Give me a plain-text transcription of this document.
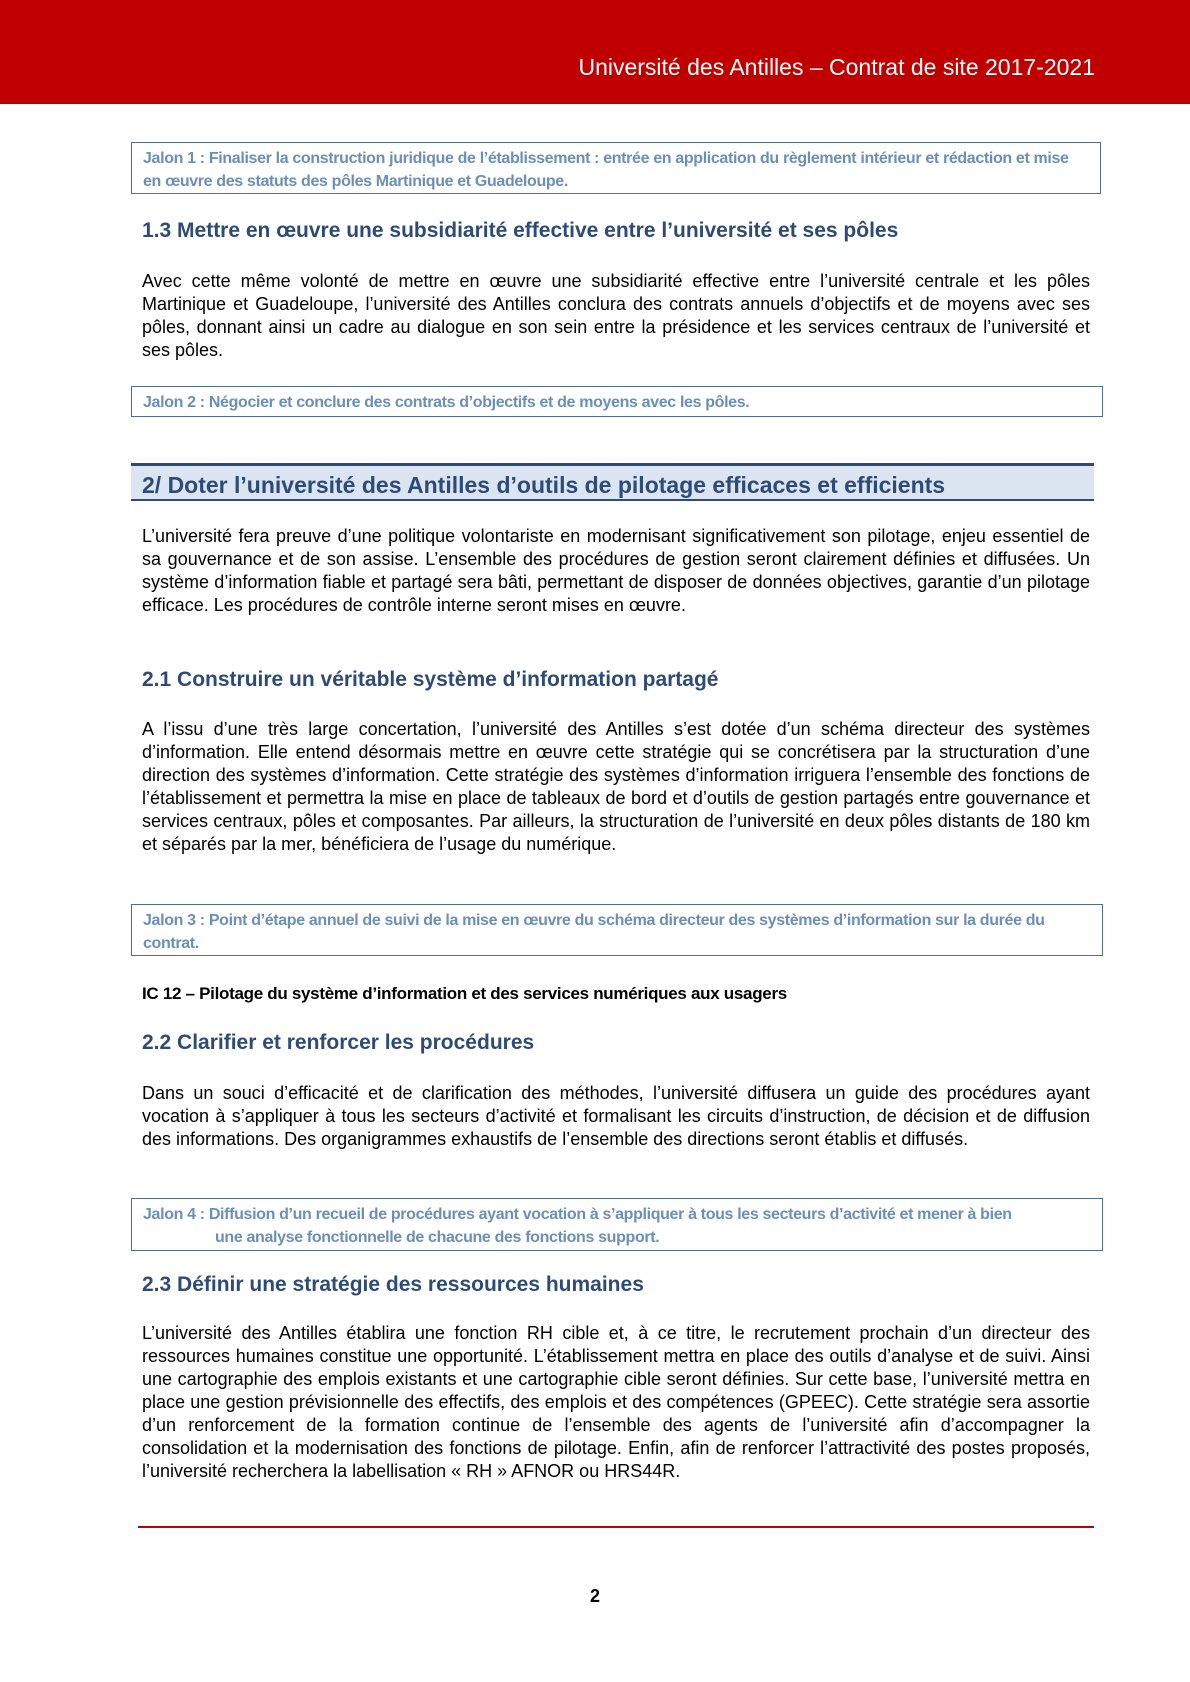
Université des Antilles – Contrat de site 2017-2021
Jalon 1 : Finaliser la construction juridique de l’établissement : entrée en application du règlement intérieur et rédaction et mise en œuvre des statuts des pôles Martinique et Guadeloupe.
1.3 Mettre en œuvre une subsidiarité effective entre l’université et ses pôles
Avec cette même volonté de mettre en œuvre une subsidiarité effective entre l’université centrale et les pôles Martinique et Guadeloupe, l’université des Antilles conclura des contrats annuels d’objectifs et de moyens avec ses pôles, donnant ainsi un cadre au dialogue en son sein entre la présidence et les services centraux de l’université et ses pôles.
Jalon 2 : Négocier et conclure des contrats d’objectifs et de moyens avec les pôles.
2/ Doter l’université des Antilles d’outils de pilotage efficaces et efficients
L’université fera preuve d’une politique volontariste en modernisant significativement son pilotage, enjeu essentiel de sa gouvernance et de son assise. L’ensemble des procédures de gestion seront clairement définies et diffusées. Un système d’information fiable et partagé sera bâti, permettant de disposer de données objectives, garantie d’un pilotage efficace. Les procédures de contrôle interne seront mises en œuvre.
2.1 Construire un véritable système d’information partagé
A l’issu d’une très large concertation, l’université des Antilles s’est dotée d’un schéma directeur des systèmes d’information. Elle entend désormais mettre en œuvre cette stratégie qui se concrétisera par la structuration d’une direction des systèmes d’information. Cette stratégie des systèmes d’information irriguera l’ensemble des fonctions de l’établissement et permettra la mise en place de tableaux de bord et d’outils de gestion partagés entre gouvernance et services centraux, pôles et composantes. Par ailleurs, la structuration de l’université en deux pôles distants de 180 km et séparés par la mer, bénéficiera de l’usage du numérique.
Jalon 3 : Point d’étape annuel de suivi de la mise en œuvre du schéma directeur des systèmes d’information sur la durée du contrat.
IC 12 – Pilotage du système d’information et des services numériques aux usagers
2.2 Clarifier et renforcer les procédures
Dans un souci d’efficacité et de clarification des méthodes, l’université diffusera un guide des procédures ayant vocation à s’appliquer à tous les secteurs d’activité et formalisant les circuits d’instruction, de décision et de diffusion des informations. Des organigrammes exhaustifs de l’ensemble des directions seront établis et diffusés.
Jalon 4 : Diffusion d’un recueil de procédures ayant vocation à s’appliquer à tous les secteurs d’activité et mener à bien
une analyse fonctionnelle de chacune des fonctions support.
2.3 Définir une stratégie des ressources humaines
L’université des Antilles établira une fonction RH cible et, à ce titre, le recrutement prochain d’un directeur des ressources humaines constitue une opportunité. L’établissement mettra en place des outils d’analyse et de suivi. Ainsi une cartographie des emplois existants et une cartographie cible seront définies. Sur cette base, l’université mettra en place une gestion prévisionnelle des effectifs, des emplois et des compétences (GPEEC). Cette stratégie sera assortie d’un renforcement de la formation continue de l’ensemble des agents de l’université afin d’accompagner la consolidation et la modernisation des fonctions de pilotage. Enfin, afin de renforcer l’attractivité des postes proposés, l’université recherchera la labellisation « RH » AFNOR ou HRS44R.
2
